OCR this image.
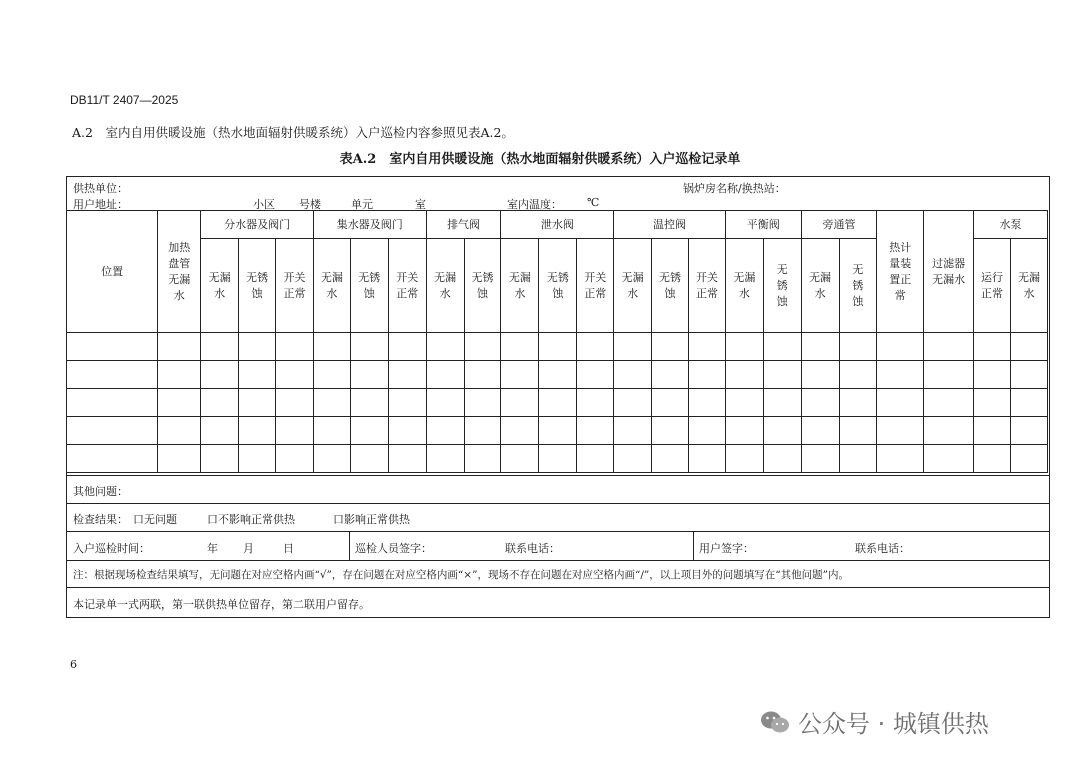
DB11/T 2407—2025
A.2　室内自用供暖设施（热水地面辐射供暖系统）入户巡检内容参照见表A.2。
表A.2　室内自用供暖设施（热水地面辐射供暖系统）入户巡检记录单
供热单位：	锅炉房名称/换热站：
用户地址：	小区 号楼	单元	室	室内温度： ℃
位置	加热盘管无漏水	分水器及阀门			集水器及阀门			排气阀		泄水阀			温控阀			平衡阀		旁通管		热计量装置正常	过滤器无漏水	水泵	
		无漏水	无锈蚀	开关正常	无漏水	无锈蚀	开关正常	无漏水	无锈蚀	无漏水	无锈蚀	开关正常	无漏水	无锈蚀	开关正常	无漏水	无锈蚀	无漏水	无锈蚀			运行正常	无漏水

其他问题：
检查结果： 口无问题	口不影响正常供热	口影响正常供热
入户巡检时间：	年 月	日	巡检人员签字：	联系电话：	用户签字：	联系电话：
注：根据现场检查结果填写，无问题在对应空格内画“√”，存在问题在对应空格内画“×”，现场不存在问题在对应空格内画“/”，以上项目外的问题填写在“其他问题”内。
本记录单一式两联，第一联供热单位留存，第二联用户留存。
6
公众号 · 城镇供热
